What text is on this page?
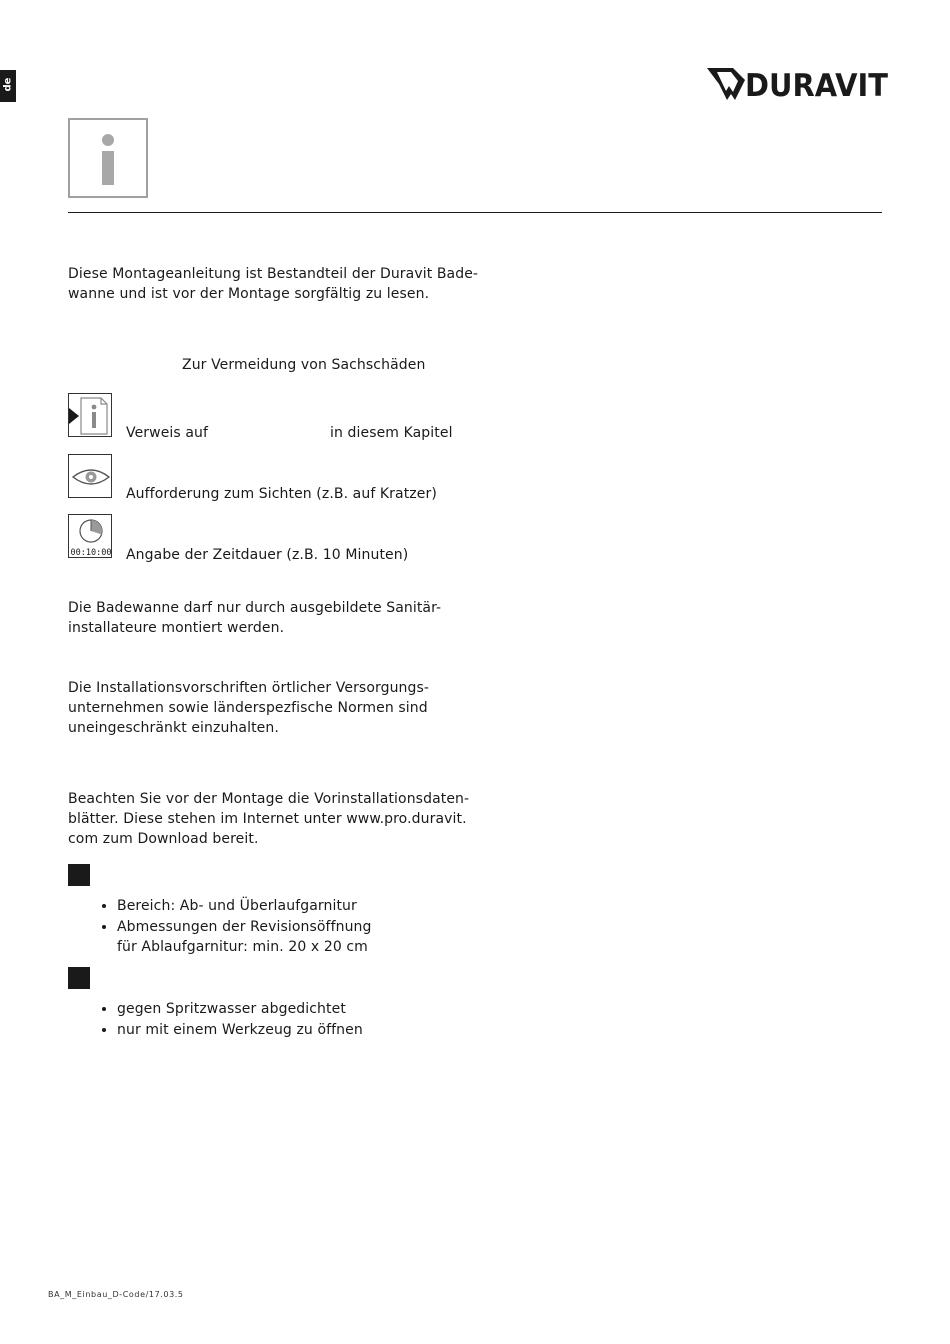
de	DURAVIT
Diese Montageanleitung ist Bestandteil der Duravit Bade-
wanne und ist vor der Montage sorgfältig zu lesen.
Zur Vermeidung von Sachschäden
Verweis auf	in diesem Kapitel
Aufforderung zum Sichten (z.B. auf Kratzer)
00:10:00 Angabe der Zeitdauer (z.B. 10 Minuten)
Die Badewanne darf nur durch ausgebildete Sanitär-
installateure montiert werden.
Die Installationsvorschriften örtlicher Versorgungs-
unternehmen sowie länderspezfische Normen sind
uneingeschränkt einzuhalten.
Beachten Sie vor der Montage die Vorinstallationsdaten-
blätter. Diese stehen im Internet unter www.pro.duravit.
com zum Download bereit.
Bereich: Ab- und Überlaufgarnitur
Abmessungen der Revisionsöffnung
für Ablaufgarnitur: min. 20 x 20 cm
gegen Spritzwasser abgedichtet
nur mit einem Werkzeug zu öffnen
BA_M_Einbau_D-Code/17.03.5
